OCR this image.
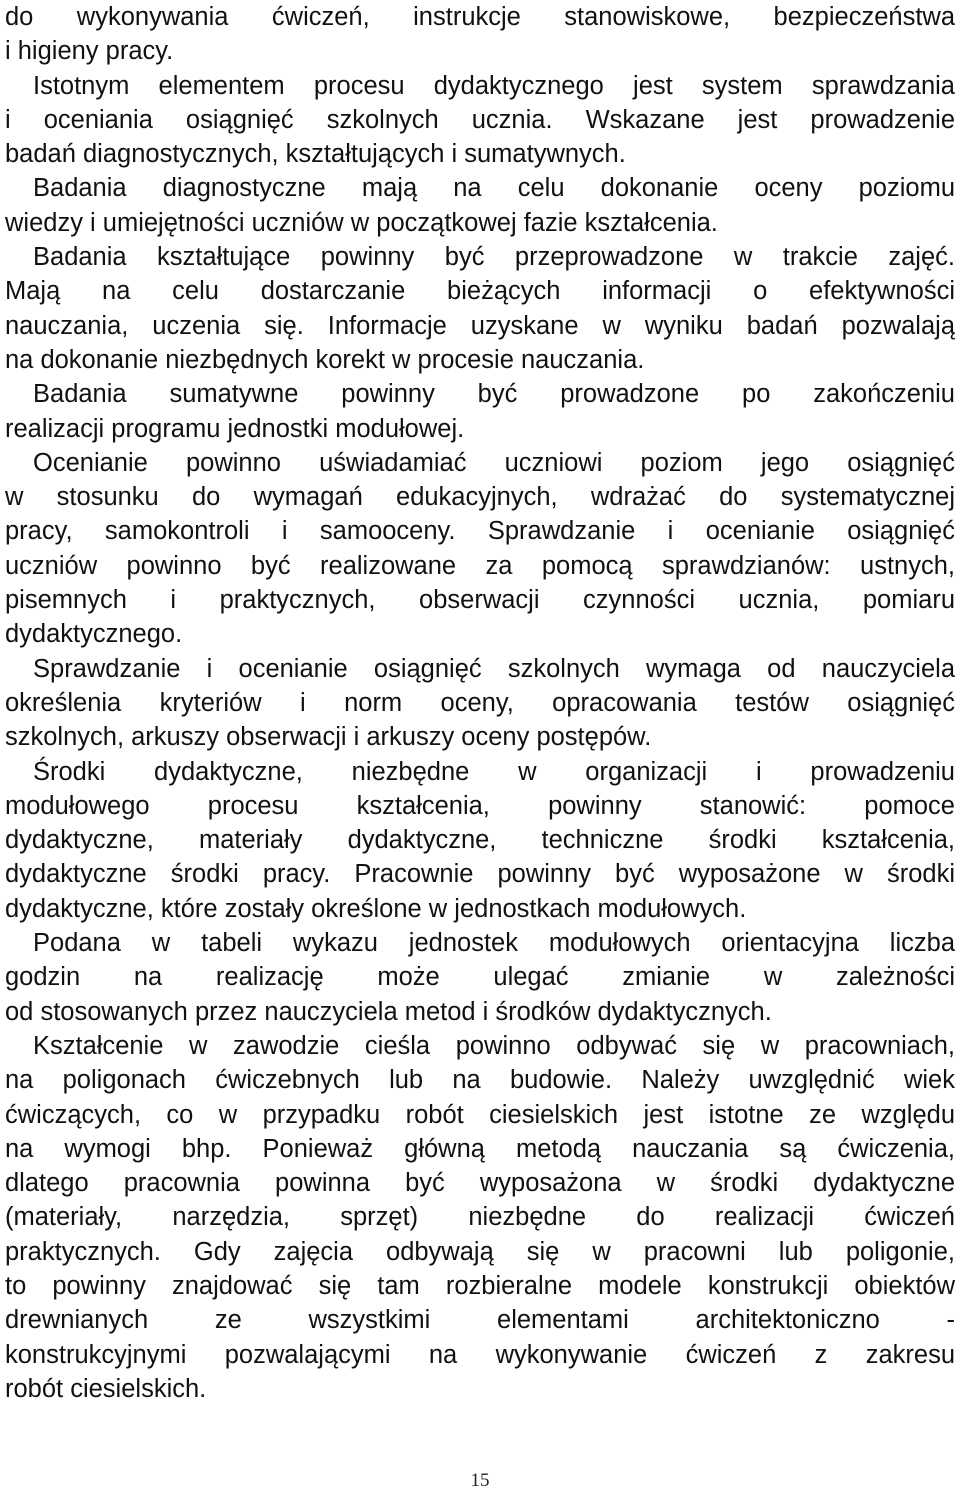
do wykonywania ćwiczeń, instrukcje stanowiskowe, bezpieczeństwa
i higieny pracy.
Istotnym elementem procesu dydaktycznego jest system sprawdzania
i oceniania osiągnięć szkolnych ucznia. Wskazane jest prowadzenie
badań diagnostycznych, kształtujących i sumatywnych.
Badania diagnostyczne mają na celu dokonanie oceny poziomu
wiedzy i umiejętności uczniów w początkowej fazie kształcenia.
Badania kształtujące powinny być przeprowadzone w trakcie zajęć.
Mają na celu dostarczanie bieżących informacji o efektywności
nauczania, uczenia się. Informacje uzyskane w wyniku badań pozwalają
na dokonanie niezbędnych korekt w procesie nauczania.
Badania sumatywne powinny być prowadzone po zakończeniu
realizacji programu jednostki modułowej.
Ocenianie powinno uświadamiać uczniowi poziom jego osiągnięć
w stosunku do wymagań edukacyjnych, wdrażać do systematycznej
pracy, samokontroli i samooceny. Sprawdzanie i ocenianie osiągnięć
uczniów powinno być realizowane za pomocą sprawdzianów: ustnych,
pisemnych i praktycznych, obserwacji czynności ucznia, pomiaru
dydaktycznego.
Sprawdzanie i ocenianie osiągnięć szkolnych wymaga od nauczyciela
określenia kryteriów i norm oceny, opracowania testów osiągnięć
szkolnych, arkuszy obserwacji i arkuszy oceny postępów.
Środki dydaktyczne, niezbędne w organizacji i prowadzeniu
modułowego procesu kształcenia, powinny stanowić: pomoce
dydaktyczne, materiały dydaktyczne, techniczne środki kształcenia,
dydaktyczne środki pracy. Pracownie powinny być wyposażone w środki
dydaktyczne, które zostały określone w jednostkach modułowych.
Podana w tabeli wykazu jednostek modułowych orientacyjna liczba
godzin na realizację może ulegać zmianie w zależności
od stosowanych przez nauczyciela metod i środków dydaktycznych.
Kształcenie w zawodzie cieśla powinno odbywać się w pracowniach,
na poligonach ćwiczebnych lub na budowie. Należy uwzględnić wiek
ćwiczących, co w przypadku robót ciesielskich jest istotne ze względu
na wymogi bhp. Ponieważ główną metodą nauczania są ćwiczenia,
dlatego pracownia powinna być wyposażona w środki dydaktyczne
(materiały, narzędzia, sprzęt) niezbędne do realizacji ćwiczeń
praktycznych. Gdy zajęcia odbywają się w pracowni lub poligonie,
to powinny znajdować się tam rozbieralne modele konstrukcji obiektów
drewnianych ze wszystkimi elementami architektoniczno -
konstrukcyjnymi pozwalającymi na wykonywanie ćwiczeń z zakresu
robót ciesielskich.
15
